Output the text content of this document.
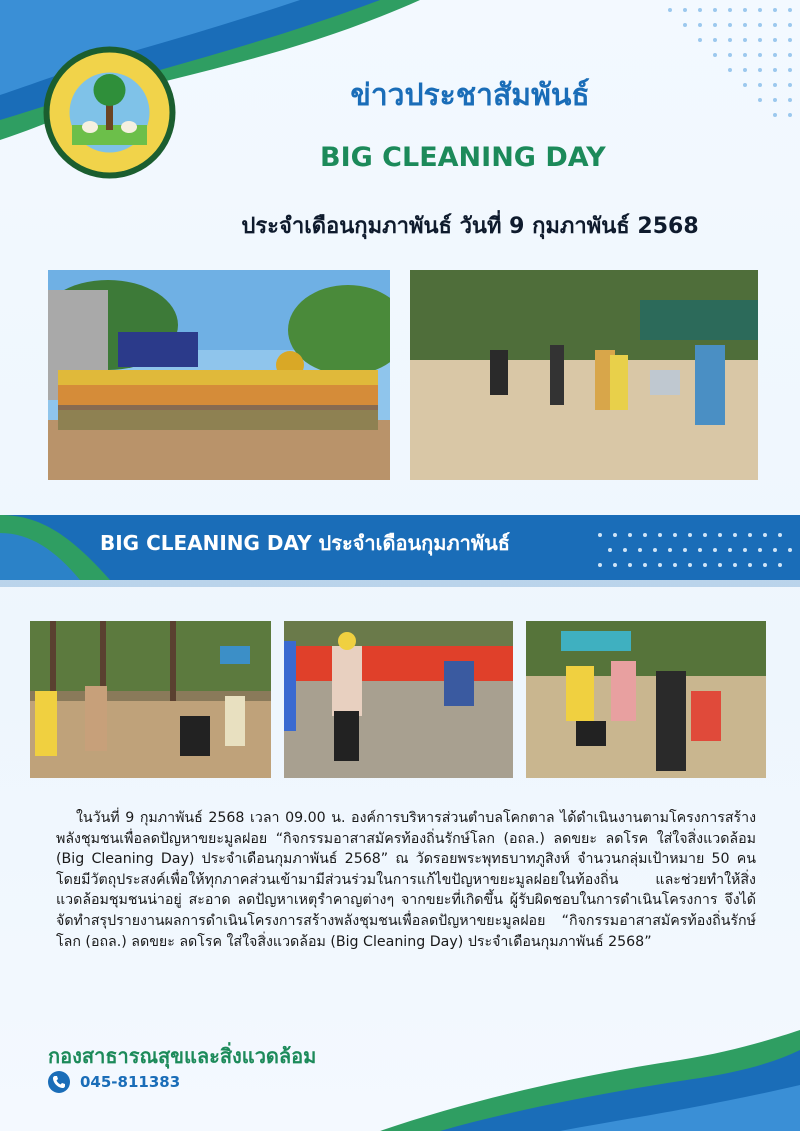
ข่าวประชาสัมพันธ์
BIG CLEANING DAY
ประจำเดือนกุมภาพันธ์ วันที่ 9 กุมภาพันธ์ 2568
BIG CLEANING DAY ประจำเดือนกุมภาพันธ์
ในวันที่ 9 กุมภาพันธ์ 2568 เวลา 09.00 น. องค์การบริหารส่วนตำบลโคกตาล ได้ดำเนินงานตามโครงการสร้างพลังชุมชนเพื่อลดปัญหาขยะมูลฝอย “กิจกรรมอาสาสมัครท้องถิ่นรักษ์โลก (อถล.) ลดขยะ ลดโรค ใส่ใจสิ่งแวดล้อม (Big Cleaning Day) ประจำเดือนกุมภาพันธ์ 2568” ณ วัดรอยพระพุทธบาทภูสิงห์ จำนวนกลุ่มเป้าหมาย 50 คน โดยมีวัตถุประสงค์เพื่อให้ทุกภาคส่วนเข้ามามีส่วนร่วมในการแก้ไขปัญหาขยะมูลฝอยในท้องถิ่น และช่วยทำให้สิ่งแวดล้อมชุมชนน่าอยู่ สะอาด ลดปัญหาเหตุรำคาญต่างๆ จากขยะที่เกิดขึ้น ผู้รับผิดชอบในการดำเนินโครงการ จึงได้จัดทำสรุปรายงานผลการดำเนินโครงการสร้างพลังชุมชนเพื่อลดปัญหาขยะมูลฝอย “กิจกรรมอาสาสมัครท้องถิ่นรักษ์โลก (อถล.) ลดขยะ ลดโรค ใส่ใจสิ่งแวดล้อม (Big Cleaning Day) ประจำเดือนกุมภาพันธ์ 2568”
กองสาธารณสุขและสิ่งแวดล้อม
045-811383
